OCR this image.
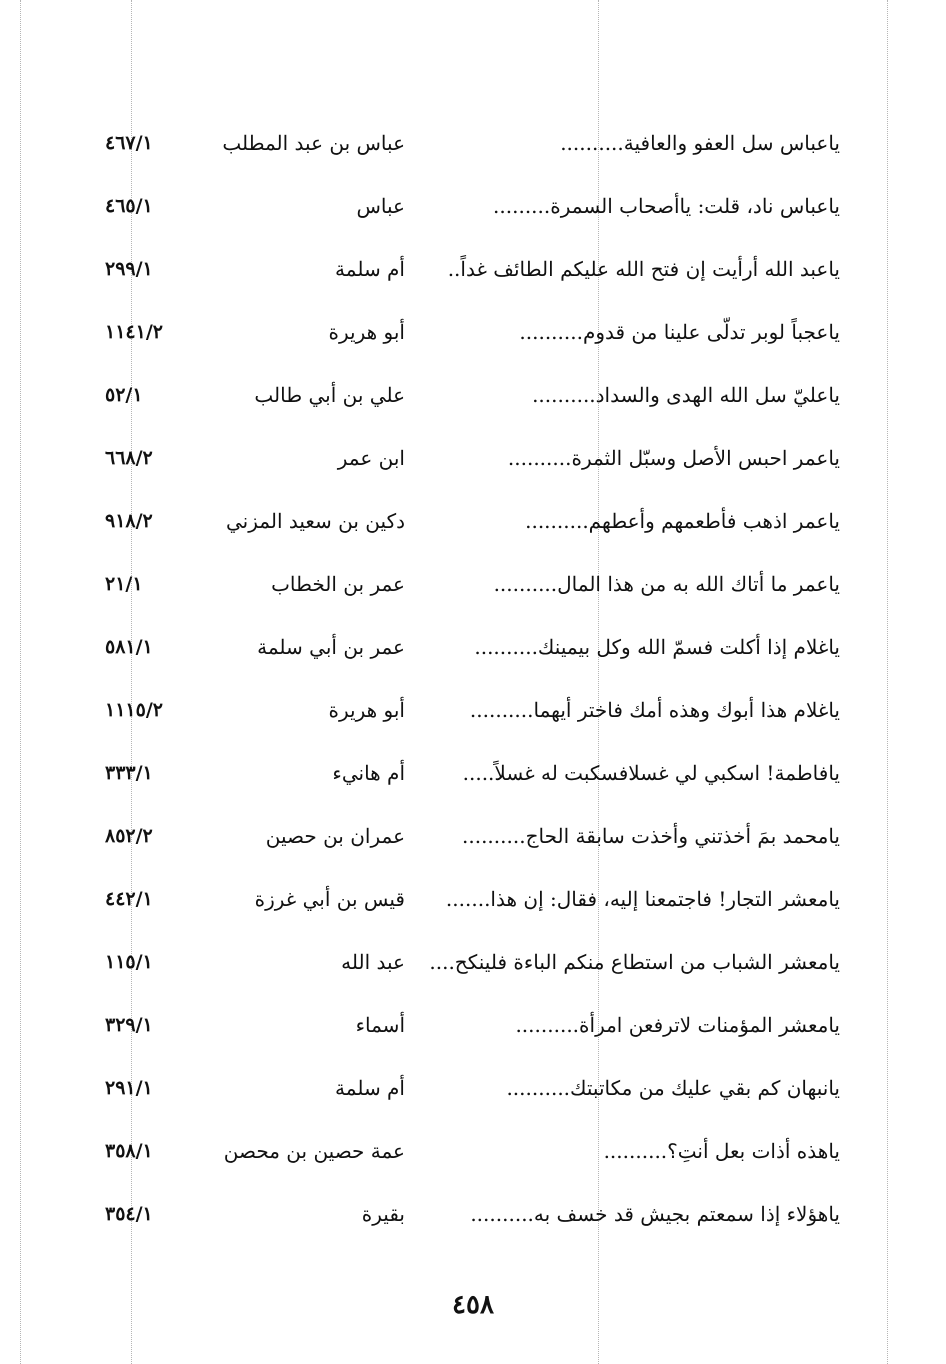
ياعباس سل العفو والعافية..........
عباس بن عبد المطلب
٤٦٧/١
ياعباس ناد، قلت: ياأصحاب السمرة.........
عباس
٤٦٥/١
ياعبد الله أرأيت إن فتح الله عليكم الطائف غداً..
أم سلمة
٢٩٩/١
ياعجباً لوبر تدلّى علينا من قدوم..........
أبو هريرة
١١٤١/٢
ياعليّ سل الله الهدى والسداد..........
علي بن أبي طالب
٥٢/١
ياعمر احبس الأصل وسبّل الثمرة..........
ابن عمر
٦٦٨/٢
ياعمر اذهب فأطعمهم وأعطهم..........
دكين بن سعيد المزني
٩١٨/٢
ياعمر ما أتاك الله به من هذا المال..........
عمر بن الخطاب
٢١/١
ياغلام إذا أكلت فسمّ الله وكل بيمينك..........
عمر بن أبي سلمة
٥٨١/١
ياغلام هذا أبوك وهذه أمك فاختر أيهما..........
أبو هريرة
١١١٥/٢
يافاطمة! اسكبي لي غسلافسكبت له غسلاً.....
أم هانيء
٣٣٣/١
يامحمد بمَ أخذتني وأخذت سابقة الحاج..........
عمران بن حصين
٨٥٢/٢
يامعشر التجار! فاجتمعنا إليه، فقال: إن هذا.......
قيس بن أبي غرزة
٤٤٢/١
يامعشر الشباب من استطاع منكم الباءة فلينكح....
عبد الله
١١٥/١
يامعشر المؤمنات لاترفعن امرأة..........
أسماء
٣٢٩/١
يانبهان كم بقي عليك من مكاتبتك..........
أم سلمة
٢٩١/١
ياهذه أذات بعل أنتِ؟..........
عمة حصين بن محصن
٣٥٨/١
ياهؤلاء إذا سمعتم بجيش قد خسف به..........
بقيرة
٣٥٤/١
٤٥٨
